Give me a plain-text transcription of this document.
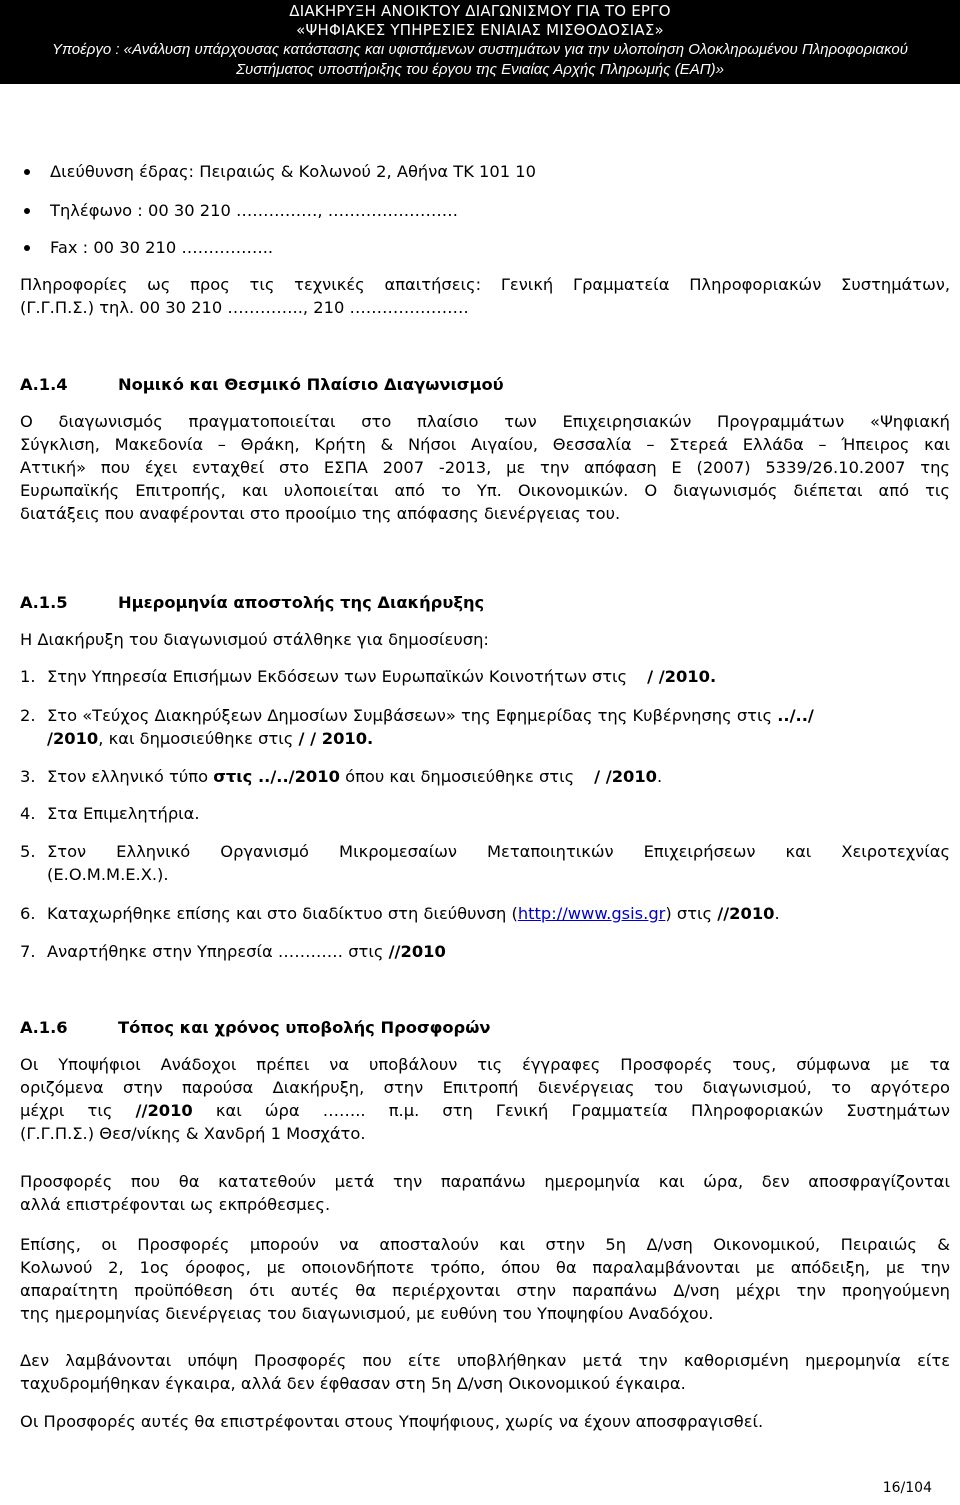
ΔΙΑΚΗΡΥΞΗ ΑΝΟΙΚΤΟΥ ΔΙΑΓΩΝΙΣΜΟΥ ΓΙΑ ΤΟ ΕΡΓΟ
«ΨΗΦΙΑΚΕΣ ΥΠΗΡΕΣΙΕΣ ΕΝΙΑΙΑΣ ΜΙΣΘΟΔΟΣΙΑΣ»
Υποέργο : «Ανάλυση υπάρχουσας κατάστασης και υφιστάμενων συστημάτων για την υλοποίηση Ολοκληρωμένου Πληροφοριακού
Συστήματος υποστήριξης του έργου της Ενιαίας Αρχής Πληρωμής (ΕΑΠ)»
Διεύθυνση έδρας: Πειραιώς & Κολωνού 2, Αθήνα ΤΚ 101 10
Τηλέφωνο : 00 30 210 ……………, ……………………
Fax : 00 30 210 ……………..
Πληροφορίες ως προς τις τεχνικές απαιτήσεις: Γενική Γραμματεία Πληροφοριακών Συστημάτων,
(Γ.Γ.Π.Σ.) τηλ. 00 30 210 ………….., 210 ………………….
Α.1.4	Νομικό και Θεσμικό Πλαίσιο Διαγωνισμού
Ο διαγωνισμός πραγματοποιείται στο πλαίσιο των Επιχειρησιακών Προγραμμάτων «Ψηφιακή
Σύγκλιση, Μακεδονία – Θράκη, Κρήτη & Νήσοι Αιγαίου, Θεσσαλία – Στερεά Ελλάδα – Ήπειρος και
Αττική» που έχει ενταχθεί στο ΕΣΠΑ 2007 -2013, με την απόφαση Ε (2007) 5339/26.10.2007 της
Ευρωπαϊκής Επιτροπής, και υλοποιείται από το Υπ. Οικονομικών. Ο διαγωνισμός διέπεται από τις
διατάξεις που αναφέρονται στο προοίμιο της απόφασης διενέργειας του.
Α.1.5	Ημερομηνία αποστολής της Διακήρυξης
Η Διακήρυξη του διαγωνισμού στάλθηκε για δημοσίευση:
1. Στην Υπηρεσία Επισήμων Εκδόσεων των Ευρωπαϊκών Κοινοτήτων στις / /2010.
2. Στο «Τεύχος Διακηρύξεων Δημοσίων Συμβάσεων» της Εφημερίδας της Κυβέρνησης στις ../../
/2010, και δημοσιεύθηκε στις / / 2010.
3. Στον ελληνικό τύπο στις ../../2010 όπου και δημοσιεύθηκε στις / /2010.
4. Στα Επιμελητήρια.
5. Στον Ελληνικό Οργανισμό Μικρομεσαίων Μεταποιητικών Επιχειρήσεων και Χειροτεχνίας
(Ε.Ο.Μ.Μ.Ε.Χ.).
6. Καταχωρήθηκε επίσης και στο διαδίκτυο στη διεύθυνση (http://www.gsis.gr) στις //2010.
7. Αναρτήθηκε στην Υπηρεσία ………… στις //2010
Α.1.6	Τόπος και χρόνος υποβολής Προσφορών
Οι Υποψήφιοι Ανάδοχοι πρέπει να υποβάλουν τις έγγραφες Προσφορές τους, σύμφωνα με τα
οριζόμενα στην παρούσα Διακήρυξη, στην Επιτροπή διενέργειας του διαγωνισμού, το αργότερο
μέχρι τις //2010 και ώρα …….. π.μ. στη Γενική Γραμματεία Πληροφοριακών Συστημάτων
(Γ.Γ.Π.Σ.) Θεσ/νίκης & Χανδρή 1 Μοσχάτο.
Προσφορές που θα κατατεθούν μετά την παραπάνω ημερομηνία και ώρα, δεν αποσφραγίζονται
αλλά επιστρέφονται ως εκπρόθεσμες.
Επίσης, οι Προσφορές μπορούν να αποσταλούν και στην 5η Δ/νση Οικονομικού, Πειραιώς &
Κολωνού 2, 1ος όροφος, με οποιονδήποτε τρόπο, όπου θα παραλαμβάνονται με απόδειξη, με την
απαραίτητη προϋπόθεση ότι αυτές θα περιέρχονται στην παραπάνω Δ/νση μέχρι την προηγούμενη
της ημερομηνίας διενέργειας του διαγωνισμού, με ευθύνη του Υποψηφίου Αναδόχου.
Δεν λαμβάνονται υπόψη Προσφορές που είτε υποβλήθηκαν μετά την καθορισμένη ημερομηνία είτε
ταχυδρομήθηκαν έγκαιρα, αλλά δεν έφθασαν στη 5η Δ/νση Οικονομικού έγκαιρα.
Οι Προσφορές αυτές θα επιστρέφονται στους Υποψήφιους, χωρίς να έχουν αποσφραγισθεί.
16/104
